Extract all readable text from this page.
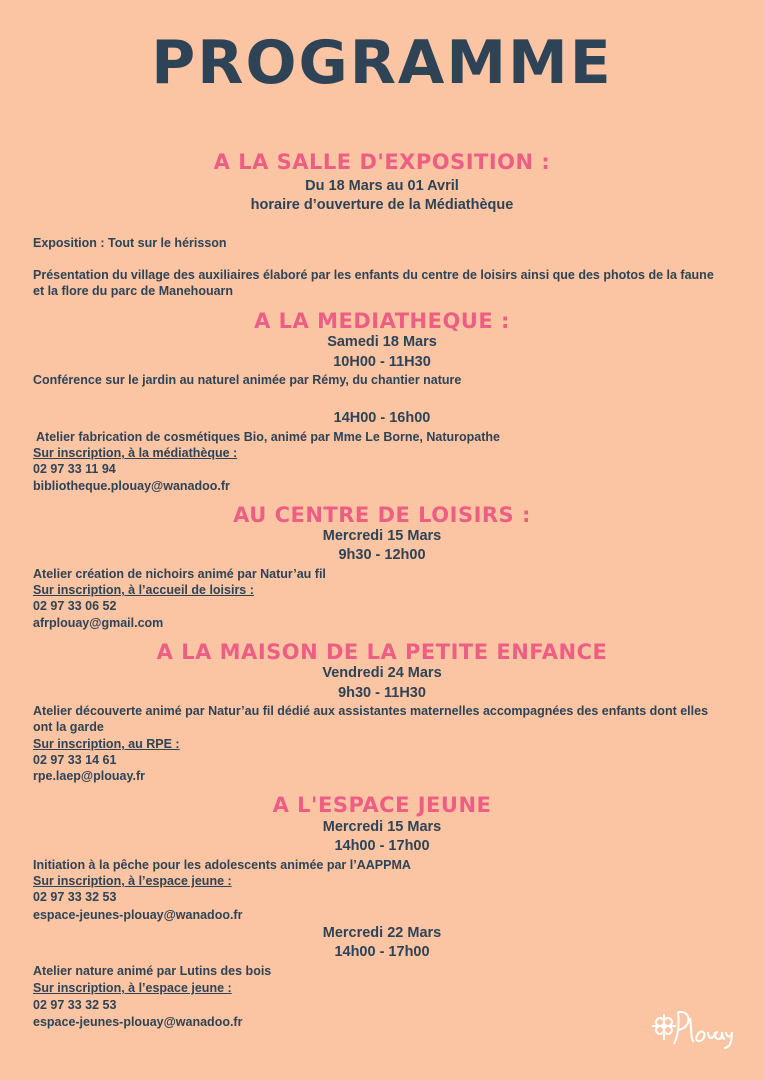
PROGRAMME
A LA SALLE D'EXPOSITION :
Du 18 Mars au 01 Avril
horaire d’ouverture de la Médiathèque
Exposition : Tout sur le hérisson
Présentation du village des auxiliaires élaboré par les enfants du centre de loisirs ainsi que des photos de la faune et la flore du parc de Manehouarn
A LA MEDIATHEQUE :
Samedi 18 Mars
10H00 - 11H30
Conférence sur le jardin au naturel animée par Rémy, du chantier nature
14H00 - 16h00
Atelier fabrication de cosmétiques Bio, animé par Mme Le Borne, Naturopathe
Sur inscription, à la médiathèque :
02 97 33 11 94
bibliotheque.plouay@wanadoo.fr
AU CENTRE DE LOISIRS :
Mercredi 15 Mars
9h30 - 12h00
Atelier création de nichoirs animé par Natur’au fil
Sur inscription, à l’accueil de loisirs :
02 97 33 06 52
afrplouay@gmail.com
A LA MAISON DE LA PETITE ENFANCE
Vendredi 24 Mars
9h30 - 11H30
Atelier découverte animé par Natur’au fil dédié aux assistantes maternelles accompagnées des enfants dont elles ont la garde
Sur inscription, au RPE :
02 97 33 14 61
rpe.laep@plouay.fr
A L'ESPACE JEUNE
Mercredi 15 Mars
14h00 - 17h00
Initiation à la pêche pour les adolescents animée par l’AAPPMA
Sur inscription, à l’espace jeune :
02 97 33 32 53
espace-jeunes-plouay@wanadoo.fr
Mercredi 22 Mars
14h00 - 17h00
Atelier nature animé par Lutins des bois
Sur inscription, à l’espace jeune :
02 97 33 32 53
espace-jeunes-plouay@wanadoo.fr
